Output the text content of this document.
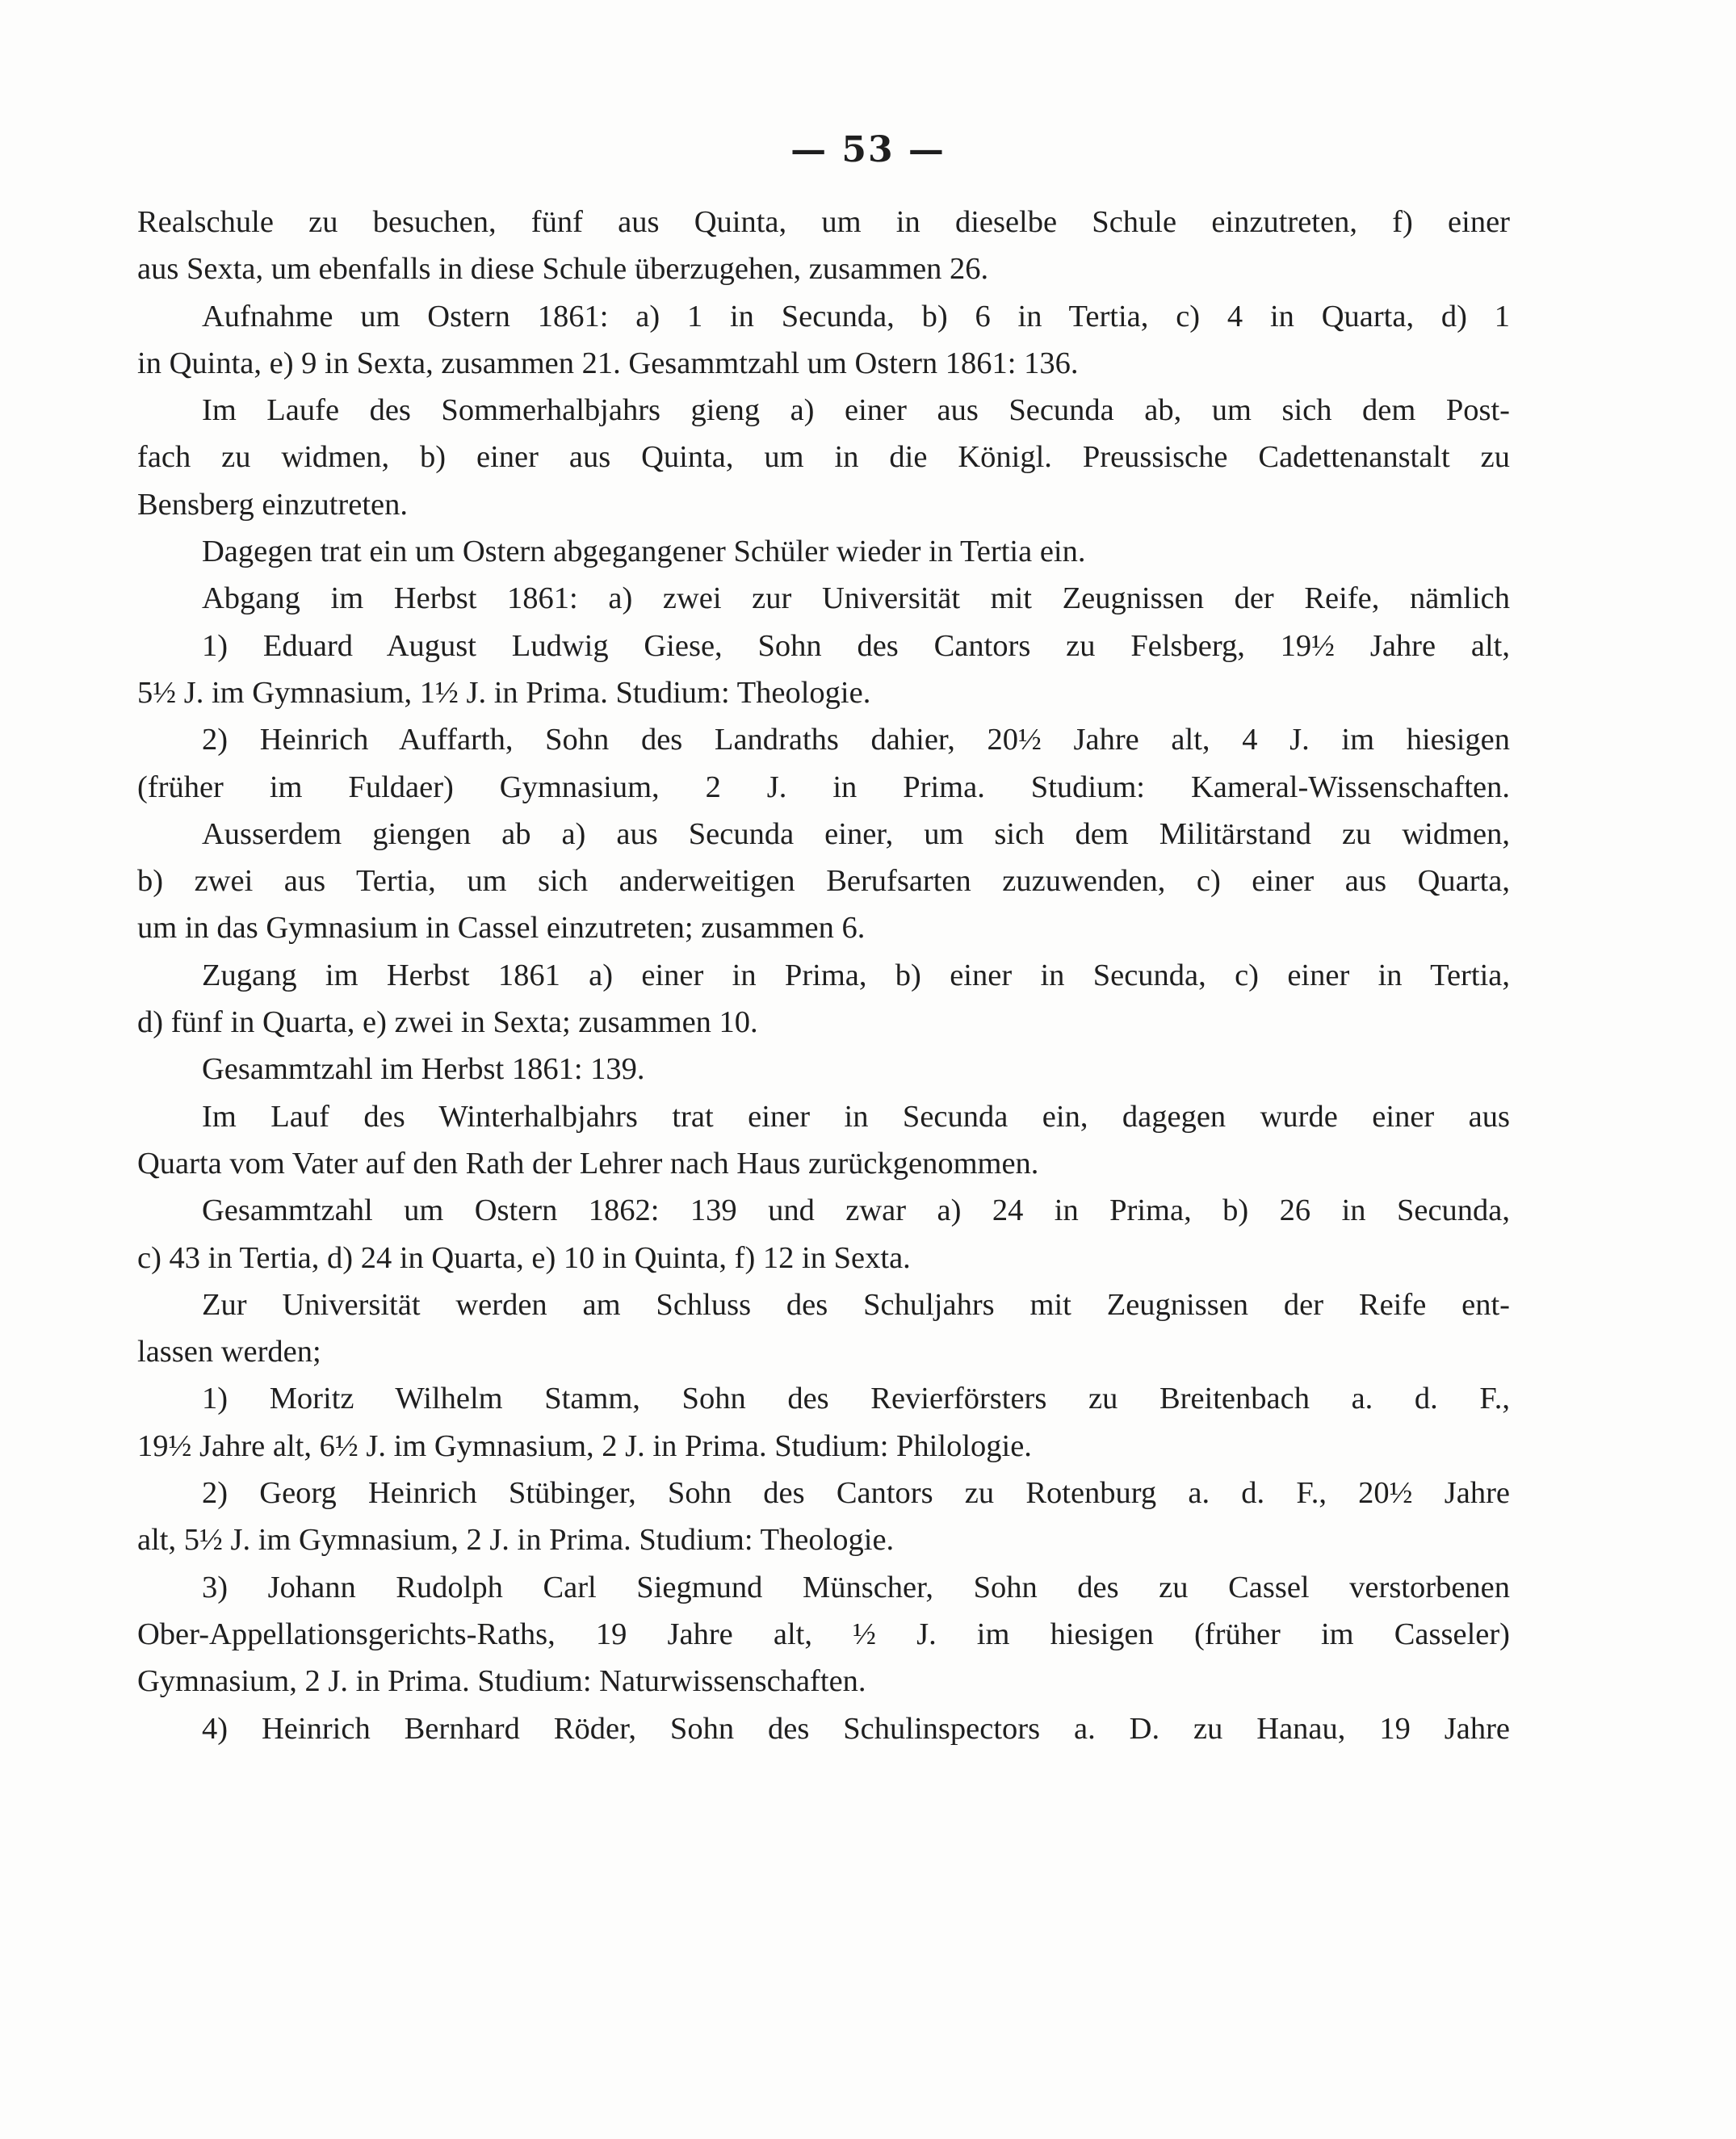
— 53 —
Realschule zu besuchen, fünf aus Quinta, um in dieselbe Schule einzutreten, f) einer
aus Sexta, um ebenfalls in diese Schule überzugehen, zusammen 26.
Aufnahme um Ostern 1861: a) 1 in Secunda, b) 6 in Tertia, c) 4 in Quarta, d) 1
in Quinta, e) 9 in Sexta, zusammen 21. Gesammtzahl um Ostern 1861: 136.
Im Laufe des Sommerhalbjahrs gieng a) einer aus Secunda ab, um sich dem Post-
fach zu widmen, b) einer aus Quinta, um in die Königl. Preussische Cadettenanstalt zu
Bensberg einzutreten.
Dagegen trat ein um Ostern abgegangener Schüler wieder in Tertia ein.
Abgang im Herbst 1861: a) zwei zur Universität mit Zeugnissen der Reife, nämlich
1) Eduard August Ludwig Giese, Sohn des Cantors zu Felsberg, 19½ Jahre alt,
5½ J. im Gymnasium, 1½ J. in Prima. Studium: Theologie.
2) Heinrich Auffarth, Sohn des Landraths dahier, 20½ Jahre alt, 4 J. im hiesigen
(früher im Fuldaer) Gymnasium, 2 J. in Prima. Studium: Kameral-Wissenschaften.
Ausserdem giengen ab a) aus Secunda einer, um sich dem Militärstand zu widmen,
b) zwei aus Tertia, um sich anderweitigen Berufsarten zuzuwenden, c) einer aus Quarta,
um in das Gymnasium in Cassel einzutreten; zusammen 6.
Zugang im Herbst 1861 a) einer in Prima, b) einer in Secunda, c) einer in Tertia,
d) fünf in Quarta, e) zwei in Sexta; zusammen 10.
Gesammtzahl im Herbst 1861: 139.
Im Lauf des Winterhalbjahrs trat einer in Secunda ein, dagegen wurde einer aus
Quarta vom Vater auf den Rath der Lehrer nach Haus zurückgenommen.
Gesammtzahl um Ostern 1862: 139 und zwar a) 24 in Prima, b) 26 in Secunda,
c) 43 in Tertia, d) 24 in Quarta, e) 10 in Quinta, f) 12 in Sexta.
Zur Universität werden am Schluss des Schuljahrs mit Zeugnissen der Reife ent-
lassen werden;
1) Moritz Wilhelm Stamm, Sohn des Revierförsters zu Breitenbach a. d. F.,
19½ Jahre alt, 6½ J. im Gymnasium, 2 J. in Prima. Studium: Philologie.
2) Georg Heinrich Stübinger, Sohn des Cantors zu Rotenburg a. d. F., 20½ Jahre
alt, 5½ J. im Gymnasium, 2 J. in Prima. Studium: Theologie.
3) Johann Rudolph Carl Siegmund Münscher, Sohn des zu Cassel verstorbenen
Ober-Appellationsgerichts-Raths, 19 Jahre alt, ½ J. im hiesigen (früher im Casseler)
Gymnasium, 2 J. in Prima. Studium: Naturwissenschaften.
4) Heinrich Bernhard Röder, Sohn des Schulinspectors a. D. zu Hanau, 19 Jahre
